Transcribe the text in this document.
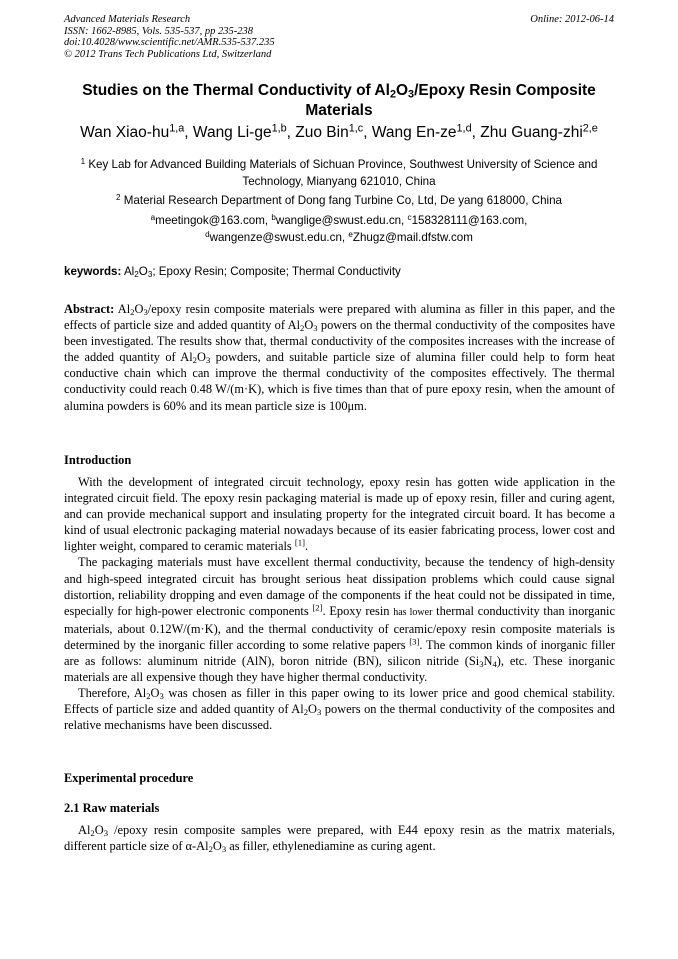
Advanced Materials Research
ISSN: 1662-8985, Vols. 535-537, pp 235-238
doi:10.4028/www.scientific.net/AMR.535-537.235
© 2012 Trans Tech Publications Ltd, Switzerland
Online: 2012-06-14
Studies on the Thermal Conductivity of $Al_2O_3$/Epoxy Resin Composite Materials
Wan Xiao-hu$^{1,a}$, Wang Li-ge$^{1,b}$, Zuo Bin$^{1,c}$, Wang En-ze$^{1,d}$, Zhu Guang-zhi$^{2,e}$
$^1$ Key Lab for Advanced Building Materials of Sichuan Province, Southwest University of Science and Technology, Mianyang 621010, China
$^2$ Material Research Department of Dong fang Turbine Co, Ltd, De yang 618000, China
$^a$meetingok@163.com, $^b$wanglige@swust.edu.cn, $^c$158328111@163.com,
$^d$wangenze@swust.edu.cn, $^e$Zhugz@mail.dfstw.com
keywords: $Al_2O_3$; Epoxy Resin; Composite; Thermal Conductivity

Abstract: $Al_2O_3$/epoxy resin composite materials were prepared with alumina as filler in this paper, and the effects of particle size and added quantity of $Al_2O_3$ powers on the thermal conductivity of the composites have been investigated. The results show that, thermal conductivity of the composites increases with the increase of the added quantity of $Al_2O_3$ powders, and suitable particle size of alumina filler could help to form heat conductive chain which can improve the thermal conductivity of the composites effectively. The thermal conductivity could reach 0.48 W/(m·K), which is five times than that of pure epoxy resin, when the amount of alumina powders is 60% and its mean particle size is 100μm.

Introduction

With the development of integrated circuit technology, epoxy resin has gotten wide application in the integrated circuit field. The epoxy resin packaging material is made up of epoxy resin, filler and curing agent, and can provide mechanical support and insulating property for the integrated circuit board. It has become a kind of usual electronic packaging material nowadays because of its easier fabricating process, lower cost and lighter weight, compared to ceramic materials [1].

The packaging materials must have excellent thermal conductivity, because the tendency of high-density and high-speed integrated circuit has brought serious heat dissipation problems which could cause signal distortion, reliability dropping and even damage of the components if the heat could not be dissipated in time, especially for high-power electronic components [2]. Epoxy resin has lower thermal conductivity than inorganic materials, about 0.12W/(m·K), and the thermal conductivity of ceramic/epoxy resin composite materials is determined by the inorganic filler according to some relative papers [3]. The common kinds of inorganic filler are as follows: aluminum nitride (AlN), boron nitride (BN), silicon nitride $(Si_3N_4)$, etc. These inorganic materials are all expensive though they have higher thermal conductivity.

Therefore, $Al_2O_3$ was chosen as filler in this paper owing to its lower price and good chemical stability. Effects of particle size and added quantity of $Al_2O_3$ powers on the thermal conductivity of the composites and relative mechanisms have been discussed.

Experimental procedure
2.1 Raw materials

$Al_2O_3$ /epoxy resin composite samples were prepared, with E44 epoxy resin as the matrix materials, different particle size of $\alpha-Al_2O_3$ as filler, ethylenediamine as curing agent.
